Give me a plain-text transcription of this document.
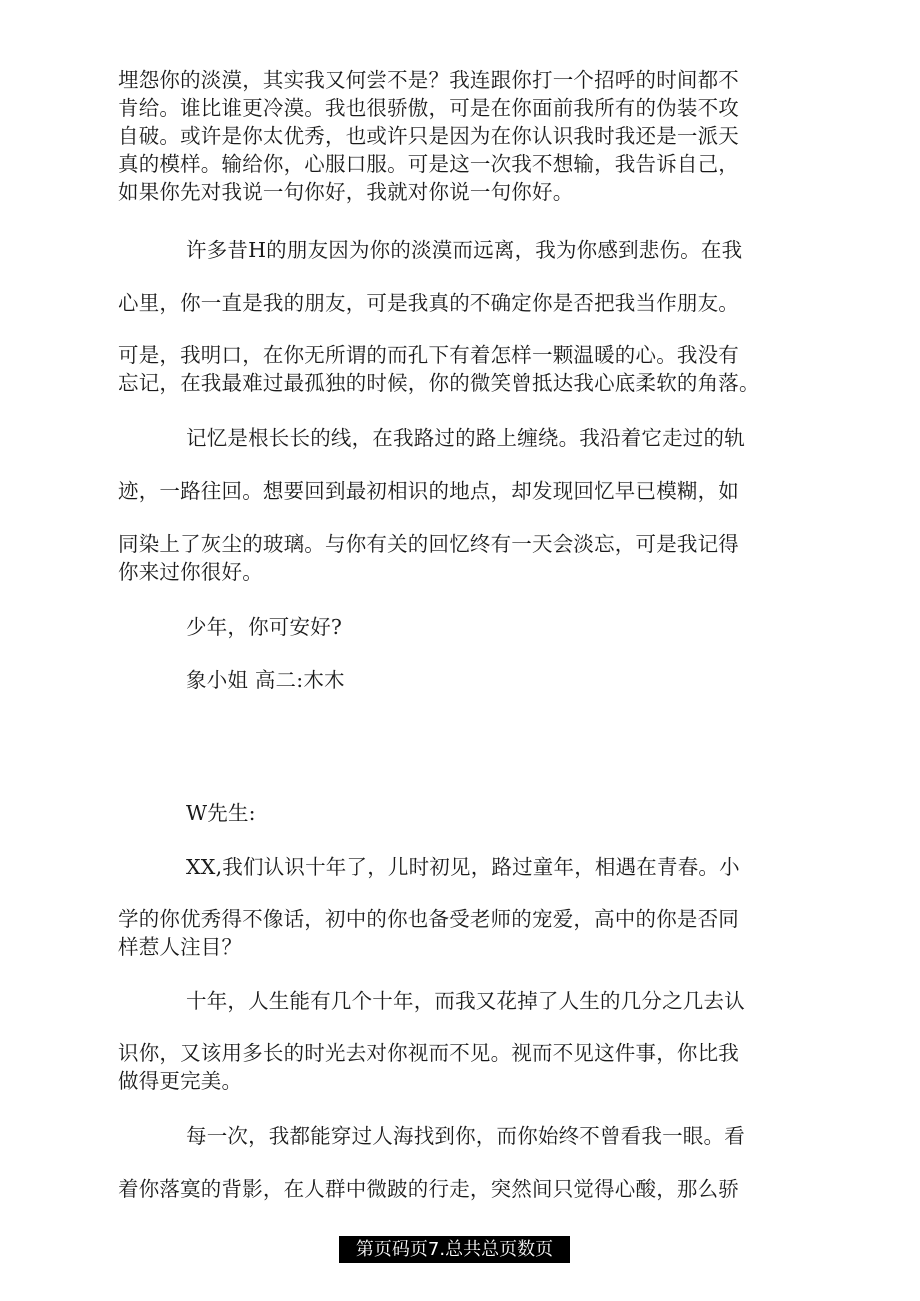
埋怨你的淡漠，其实我又何尝不是？我连跟你打一个招呼的时间都不
肯给。谁比谁更冷漠。我也很骄傲，可是在你面前我所有的伪装不攻
自破。或许是你太优秀，也或许只是因为在你认识我时我还是一派天
真的模样。输给你，心服口服。可是这一次我不想输，我告诉自己，
如果你先对我说一句你好，我就对你说一句你好。
许多昔H的朋友因为你的淡漠而远离，我为你感到悲伤。在我
心里，你一直是我的朋友，可是我真的不确定你是否把我当作朋友。
可是，我明口，在你无所谓的而孔下有着怎样一颗温暖的心。我没有
忘记，在我最难过最孤独的时候，你的微笑曾抵达我心底柔软的角落。
记忆是根长长的线，在我路过的路上缠绕。我沿着它走过的轨
迹，一路往回。想要回到最初相识的地点，却发现回忆早已模糊，如
同染上了灰尘的玻璃。与你有关的回忆终有一天会淡忘，可是我记得
你来过你很好。
少年，你可安好?
象小姐 高二:木木
W先生:
XX,我们认识十年了，儿时初见，路过童年，相遇在青春。小
学的你优秀得不像话，初中的你也备受老师的宠爱，高中的你是否同
样惹人注目？
十年，人生能有几个十年，而我又花掉了人生的几分之几去认
识你，又该用多长的时光去对你视而不见。视而不见这件事，你比我
做得更完美。
每一次，我都能穿过人海找到你，而你始终不曾看我一眼。看
着你落寞的背影，在人群中微跛的行走，突然间只觉得心酸，那么骄
第页码页7.总共总页数页
